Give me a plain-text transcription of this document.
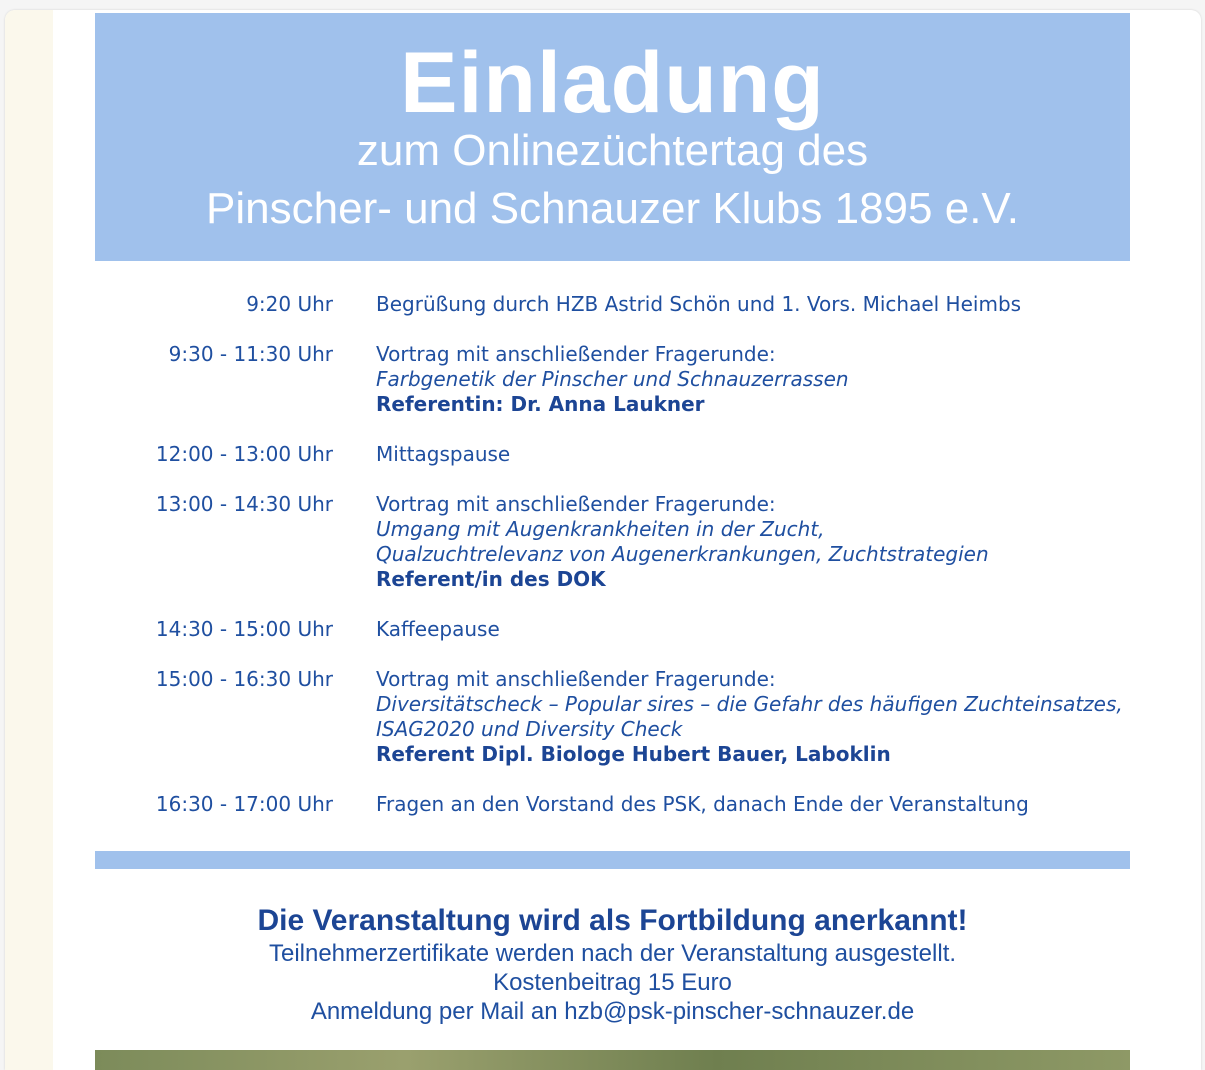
Einladung
zum Onlinezüchtertag des
Pinscher- und Schnauzer Klubs 1895 e.V.
9:20 Uhr Begrüßung durch HZB Astrid Schön und 1. Vors. Michael Heimbs
9:30 - 11:30 Uhr Vortrag mit anschließender Fragerunde:
Farbgenetik der Pinscher und Schnauzerrassen
Referentin: Dr. Anna Laukner
12:00 - 13:00 Uhr Mittagspause
13:00 - 14:30 Uhr Vortrag mit anschließender Fragerunde:
Umgang mit Augenkrankheiten in der Zucht,
Qualzuchtrelevanz von Augenerkrankungen, Zuchtstrategien
Referent/in des DOK
14:30 - 15:00 Uhr Kaffeepause
15:00 - 16:30 Uhr Vortrag mit anschließender Fragerunde:
Diversitätscheck – Popular sires – die Gefahr des häufigen Zuchteinsatzes,
ISAG2020 und Diversity Check
Referent Dipl. Biologe Hubert Bauer, Laboklin
16:30 - 17:00 Uhr Fragen an den Vorstand des PSK, danach Ende der Veranstaltung
Die Veranstaltung wird als Fortbildung anerkannt!
Teilnehmerzertifikate werden nach der Veranstaltung ausgestellt.
Kostenbeitrag 15 Euro
Anmeldung per Mail an hzb@psk-pinscher-schnauzer.de
